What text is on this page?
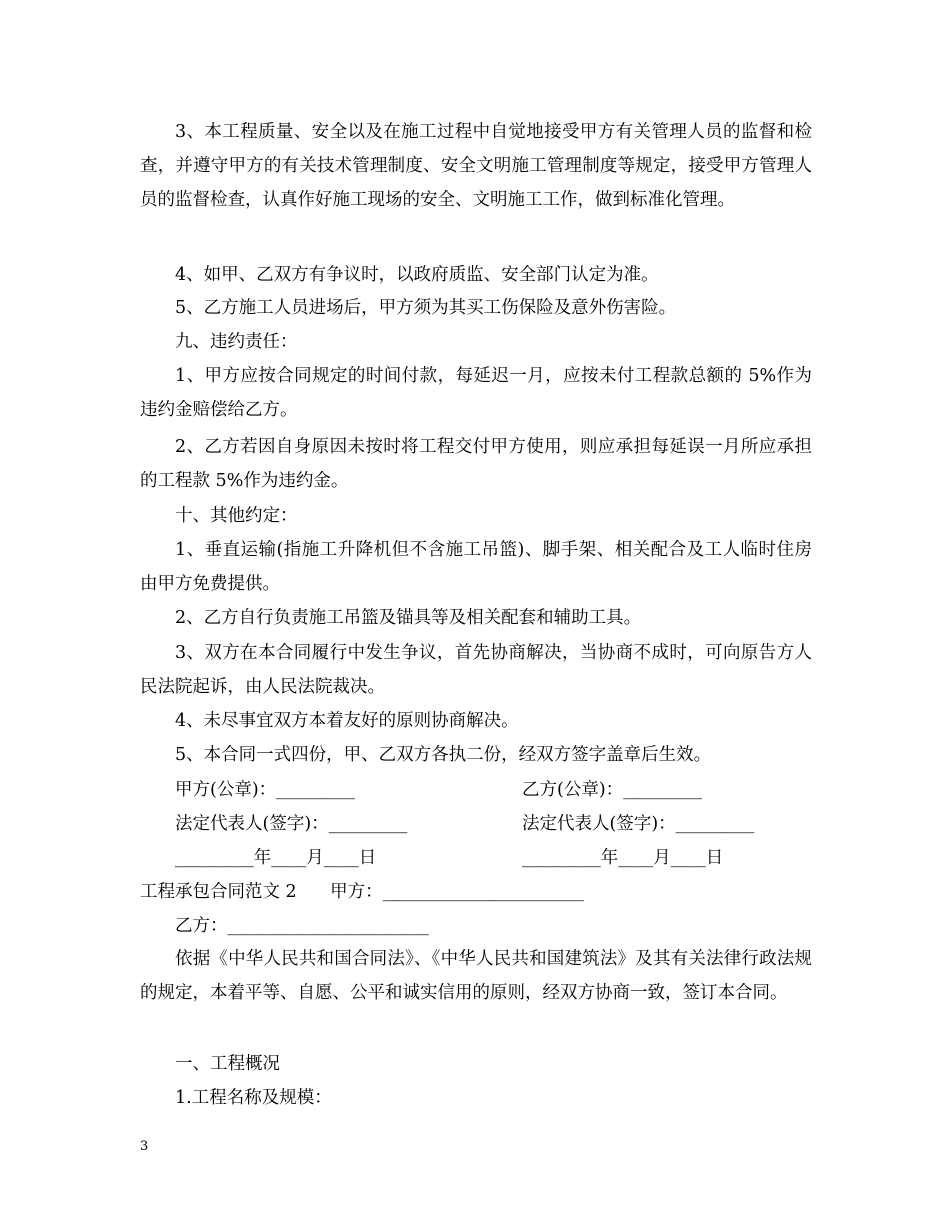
3、本工程质量、安全以及在施工过程中自觉地接受甲方有关管理人员的监督和检查，并遵守甲方的有关技术管理制度、安全文明施工管理制度等规定，接受甲方管理人员的监督检查，认真作好施工现场的安全、文明施工工作，做到标准化管理。
4、如甲、乙双方有争议时，以政府质监、安全部门认定为准。
5、乙方施工人员进场后，甲方须为其买工伤保险及意外伤害险。
九、违约责任：
1、甲方应按合同规定的时间付款，每延迟一月，应按未付工程款总额的 5%作为违约金赔偿给乙方。
2、乙方若因自身原因未按时将工程交付甲方使用，则应承担每延误一月所应承担的工程款 5%作为违约金。
十、其他约定：
1、垂直运输(指施工升降机但不含施工吊篮)、脚手架、相关配合及工人临时住房由甲方免费提供。
2、乙方自行负责施工吊篮及锚具等及相关配套和辅助工具。
3、双方在本合同履行中发生争议，首先协商解决，当协商不成时，可向原告方人民法院起诉，由人民法院裁决。
4、未尽事宜双方本着友好的原则协商解决。
5、本合同一式四份，甲、乙双方各执二份，经双方签字盖章后生效。
甲方(公章)：_________	乙方(公章)：_________
法定代表人(签字)：_________	法定代表人(签字)：_________
_________年____月____日	_________年____月____日
工程承包合同范文 2      甲方：_______________________
乙方：_______________________
依据《中华人民共和国合同法》、《中华人民共和国建筑法》及其有关法律行政法规的规定，本着平等、自愿、公平和诚实信用的原则，经双方协商一致，签订本合同。
一、工程概况
1.工程名称及规模：
3
